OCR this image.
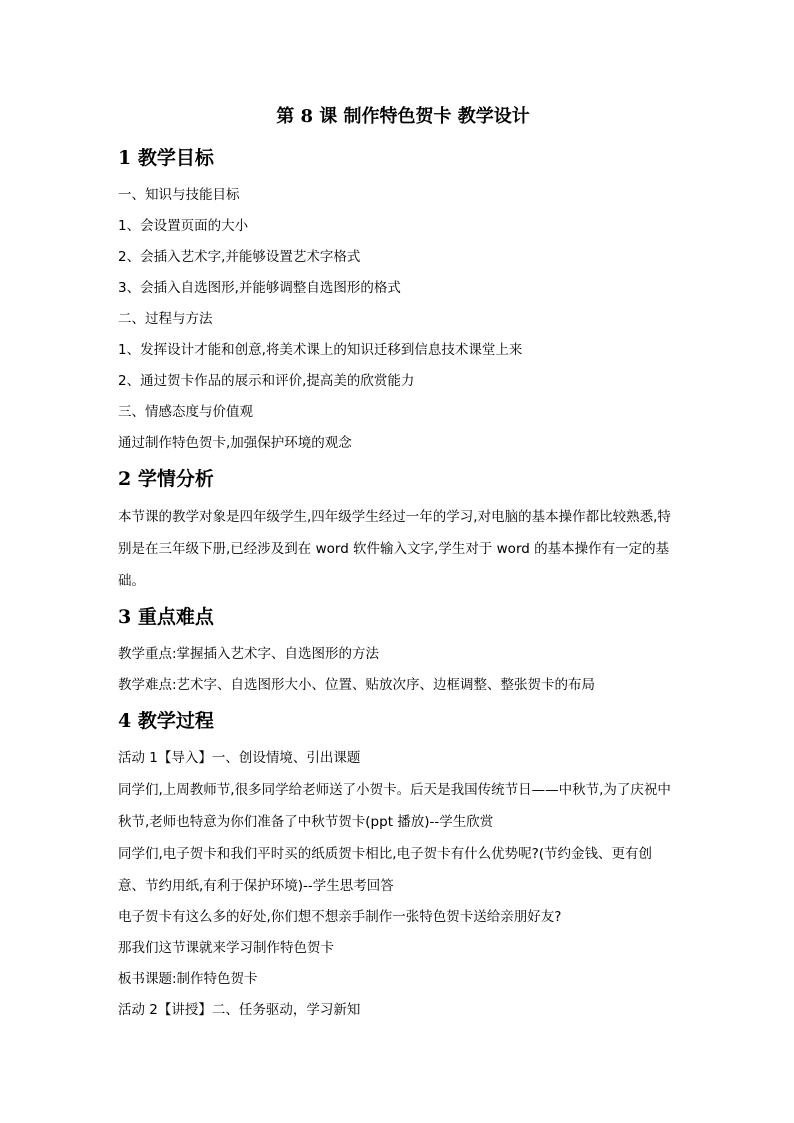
第 8 课 制作特色贺卡 教学设计
1 教学目标

一、知识与技能目标

1、会设置页面的大小

2、会插入艺术字,并能够设置艺术字格式

3、会插入自选图形,并能够调整自选图形的格式

二、过程与方法

1、发挥设计才能和创意,将美术课上的知识迁移到信息技术课堂上来

2、通过贺卡作品的展示和评价,提高美的欣赏能力

三、情感态度与价值观

通过制作特色贺卡,加强保护环境的观念

2 学情分析

本节课的教学对象是四年级学生,四年级学生经过一年的学习,对电脑的基本操作都比较熟悉,特别是在三年级下册,已经涉及到在 word 软件输入文字,学生对于 word 的基本操作有一定的基础。

3 重点难点

教学重点:掌握插入艺术字、自选图形的方法

教学难点:艺术字、自选图形大小、位置、贴放次序、边框调整、整张贺卡的布局

4 教学过程

活动 1【导入】一、创设情境、引出课题

同学们,上周教师节,很多同学给老师送了小贺卡。后天是我国传统节日——中秋节,为了庆祝中秋节,老师也特意为你们准备了中秋节贺卡(ppt 播放)--学生欣赏

同学们,电子贺卡和我们平时买的纸质贺卡相比,电子贺卡有什么优势呢?(节约金钱、更有创意、节约用纸,有利于保护环境)--学生思考回答

电子贺卡有这么多的好处,你们想不想亲手制作一张特色贺卡送给亲朋好友?

那我们这节课就来学习制作特色贺卡

板书课题:制作特色贺卡

活动 2【讲授】二、任务驱动，学习新知
